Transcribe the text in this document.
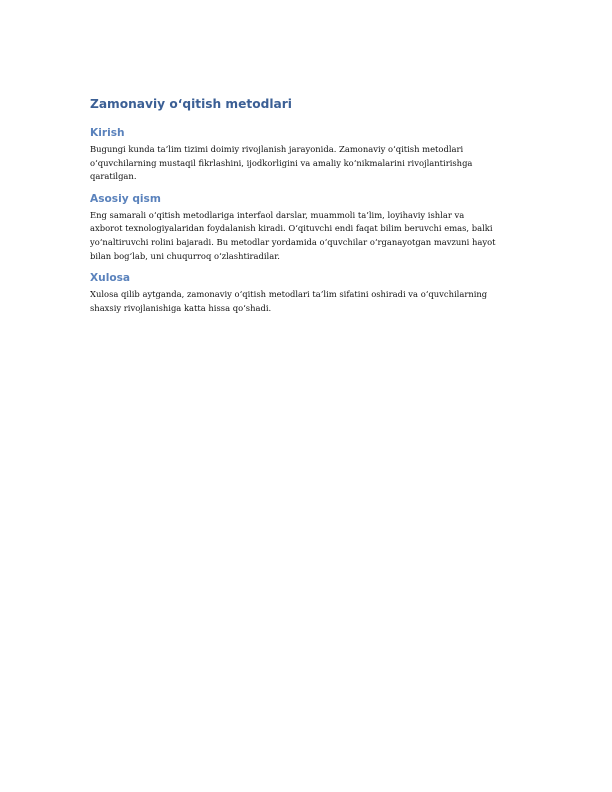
Zamonaviy o‘qitish metodlari
Kirish

Bugungi kunda ta’lim tizimi doimiy rivojlanish jarayonida. Zamonaviy o‘qitish metodlari
o‘quvchilarning mustaqil fikrlashini, ijodkorligini va amaliy ko‘nikmalarini rivojlantirishga
qaratilgan.

Asosiy qism

Eng samarali o‘qitish metodlariga interfaol darslar, muammoli ta’lim, loyihaviy ishlar va
axborot texnologiyalaridan foydalanish kiradi. O‘qituvchi endi faqat bilim beruvchi emas, balki
yo‘naltiruvchi rolini bajaradi. Bu metodlar yordamida o‘quvchilar o‘rganayotgan mavzuni hayot
bilan bog‘lab, uni chuqurroq o‘zlashtiradilar.

Xulosa

Xulosa qilib aytganda, zamonaviy o‘qitish metodlari ta’lim sifatini oshiradi va o‘quvchilarning
shaxsiy rivojlanishiga katta hissa qo‘shadi.
